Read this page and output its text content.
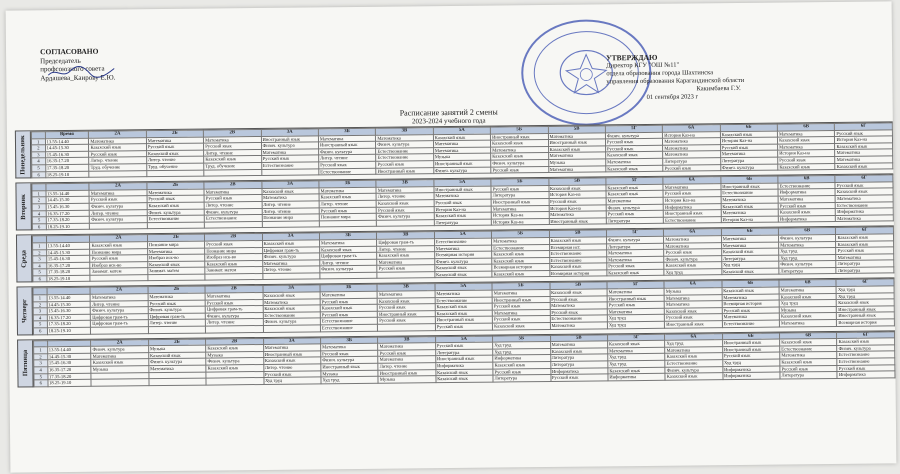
СОГЛАСОВАНО
Председатель
профсоюзного совета
Ардашева_Каирову Е.Ю.
УТВЕРЖДАЮ
Директор КГУ "ОШ №11"
отдела образования города Шахтинска
управления образования Карагандинской области
Какимбаева Г.У.
01 сентября 2023 г
Расписание занятий 2 смены
2023-2024 учебного года
Понедельник
	Время	2А	2Б	2В	3А	3Б	3В	5А	5Б	5В	5Г	6А	6Б	6В	6Г
1	13.55-14.40	Математика	Математика	Математика	Иностранный язык	Математика	Математика	Казахский язык	Иностранный язык	Математика	Физич. культура	История Каз-на	Казахский язык	Математика	Русский язык
2	14.45-15.30	Казахский язык	Русский язык	Русский язык	Физич. культура	Иностранный язык	Физич. культура	Математика	Казахский язык	Иностранный язык	Русский язык	Математика	История Каз-на	Казахский язык	История Каз-на
3	15.45-16.30	Русский язык	Казахский язык	Литер. чтение	Математика	Физич. культура	Естествознание	Математика	Математика	Казахский язык	Русский язык	Математика	Русский язык	Математика	Казахский язык
4	16.35-17.20	Литер. чтение	Литер. чтение	Казахский язык	Русский язык	Литер. чтение	Естествознание	Музыка	Казахский язык	Математика	Казахский язык	Математика	Математика	История Каз-на	Математика
5	17.35-18.20	Труд. обучение	Труд. обучение	Труд. обучение	Естествознание	Русский язык	Русский язык	Иностранный язык	Физич. культура	Музыка	Математика	Литература	Литература	Русский язык	Математика
6	18.25-19.10					Естествознание	Иностранный язык	Физич. культура	Русский язык	Математика	Казахский язык	Русский язык	Физич. культура	Казахский язык	Казахский язык
Вторник
		2А	2Б	2В	3А	3Б	3В	5А	5Б	5В	5Г	6А	6Б	6В	6Г
1	13.55-14.40	Математика	Математика	Математика	Казахский язык	Математика	Математика	Иностранный язык	Русский язык	Казахский язык	Казахский язык	Математика	Иностранный язык	Естествознание	Русский язык
2	14.45-15.30	Русский язык	Русский язык	Русский язык	Математика	Казахский язык	Литер. чтение	Математика	Литература	История Каз-на	Казахский язык	Русский язык	Естествознание	Информатика	Казахский язык
3	15.45-16.30	Физич. культура	Казахский язык	Литер. чтение	Литер. чтение	Литер. чтение	Казахский язык	Русский язык	Иностранный язык	Русский язык	Математика	История Каз-на	Математика	Математика	Математика
4	16.35-17.20	Литер. чтение	Физич. культура	Физич. культура	Литер. чтение	Русский язык	Русский язык	История Каз-на	Математика	История Каз-на	Физич. культура	Информатика	Казахский язык	Русский язык	Естествознание
5	17.35-18.20	Физич. культура	Естествознание	Естествознание	Познание мира	Познание мира	Физич. культура	Казахский язык	История Каз-на	Математика	Русский язык	Иностранный язык	Математика	Казахский язык	Информатика
6	18.25-19.10							Литература	История Каз-на	Иностранный язык	Литература	Естествознание	История Каз-на	Информатика	Математика
Среда
		2А	2Б	2В	3А	3Б	3В	5А	5Б	5В	5Г	6А	6Б	6В	6Г
1	13.55-14.40	Казахский язык	Познание мира	Русский язык	Казахский язык	Математика	Цифровая грам-ть	Естествознание	Математика	Казахский язык	Физич. культура	Математика	Математика	Физич. культура	Казахский язык
2	14.45-15.30	Познание мира	Математика	Познание мира	Цифровая грам-ть	Казахский язык	Литер. чтение	Математика	Естествознание	Всемирная ист.	Литература	Математика	Математика	Математика	Казахский язык
3	15.45-16.30	Русский язык	Изобраз иск-во	Изобраз иск-во	Физич. культура	Цифровая грам-ть	Казахский язык	Всемирная история	Казахский язык	Естествознание	Математика	Русский язык	Казахский язык	Худ труд	Русский язык
4	16.35-17.20	Изобраз иск-во	Казахский язык	Казахский язык	Математика	Литер. чтение	Математика	Физич. культура	Казахский язык	Естествознание	Математика	Физич. культура	Литература	Худ труд	Математика
5	17.35-18.20	Занимат. матем	Занимат. матем	Занимат. матем	Литер. чтение	Физич. культура	Русский язык	Казахский язык	Всемирная история	Казахский язык	Русский язык	Казахский язык	Худ труд	Физич. культура	Литература
6	18.25-19.10							Казахский язык	Казахский язык	Всемирная история	Казахский язык	Худ труд	Казахский язык	Литература	Литература
Четверг
		2А	2Б	2В	3А	3Б	3В	5А	5Б	5В	5Г	6А	6Б	6В	6Г
1	13.55-14.40	Математика	Математика	Математика	Казахский язык	Математика	Математика	Математика	Математика	Казахский язык	Математика	Музыка	Казахский язык	Математика	Худ труд
2	14.45-15.30	Литер. чтение	Русский язык	Русский язык	Математика	Русский язык	Казахский язык	Естествознание	Иностранный язык	Русский язык	Иностранный язык	Математика	Математика	Казахский язык	Худ труд
3	15.45-16.30	Физич. культура	Физич. культура	Цифровая грам-ть	Казахский язык	Казахский язык	Русский язык	Казахский язык	Русский язык	Математика	Русский язык	Математика	Всемирная история	Худ труд	Казахский язык
4	16.35-17.20	Цифровая грам-ть	Цифровая грам-ть	Физич. культура	Естествознание	Русский язык	Иностранный язык	Казахский язык	Математика	Русский язык	Математика	Казахский язык	Русский язык	Музыка	Иностранный язык
5	17.35-18.20	Цифровая грам-ть	Литер. чтение	Литер. чтение	Физич. культура	Естествознание	Русский язык	Иностранный язык	Русский язык	Естествознание	Худ труд	Русский язык	Математика	Казахский язык	Иностранный язык
6	18.25-19.10					Естествознание		Русский язык	Казахский язык	Математика	Худ труд	Иностранный язык	Естествознание	Математика	Всемирная история
Пятница
		2А	2Б	2В	3А	3Б	3В	5А	5Б	5В	5Г	6А	6Б	6В	6Г
1	13.55-14.40	Физич. культура	Музыка	Казахский язык	Математика	Математика	Математика	Русский язык	Худ труд	Математика	Казахский язык	Худ труд	Иностранный язык	Казахский язык	Казахский язык
2	14.45-15.30	Математика	Казахский язык	Музыка	Иностранный язык	Русский язык	Русский язык	Литература	Худ труд	Казахский язык	Математика	Математика	Иностранный язык	Естествознание	Физич. культура
3	15.45-16.30	Казахский язык	Физич. культура	Физич. культура	Казахский язык	Физич. культура	Математика	Иностранный язык	Информатика	Литература	Худ труд	Казахский язык	Русский язык	Математика	Естествознание
4	16.35-17.20	Музыка	Математика	Казахский язык	Литер. чтение	Иностранный язык	Литер. чтение	Информатика	Казахский язык	Литература	Худ труд	Естествознание	Худ труд	Казахский язык	Естествознание
5	17.35-18.20				Русский язык	Музыка	Иностранный язык	Казахский язык	Русский язык	Информатика	Казахский язык	Физич. культура	Информатика	Русский язык	Русский язык
6	18.25-19.10				Худ труд	Худ труд	Музыка	Казахский язык	Литература	Русский язык	Информатика	Казахский язык	Информатика	Литература	Информатика
